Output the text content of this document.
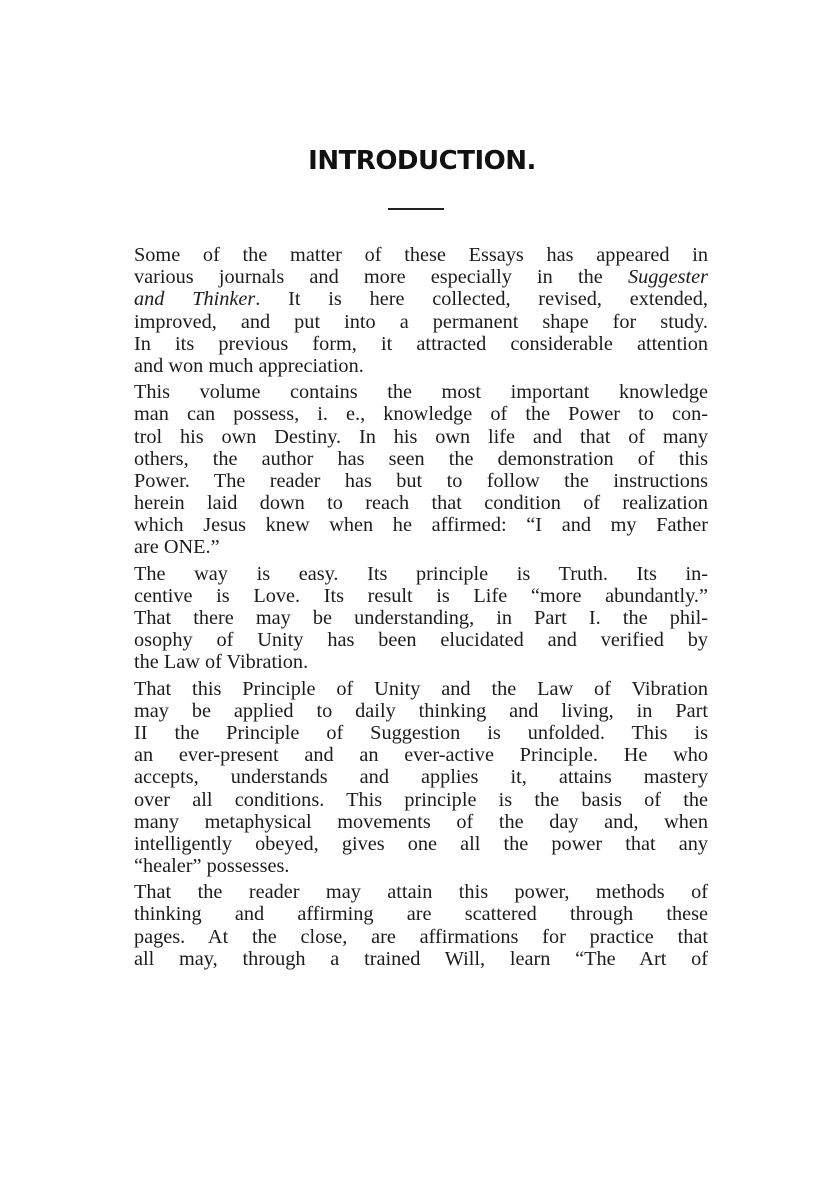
INTRODUCTION.
Some of the matter of these Essays has appeared in
various journals and more especially in the Suggester
and Thinker. It is here collected, revised, extended,
improved, and put into a permanent shape for study.
In its previous form, it attracted considerable attention
and won much appreciation.
This volume contains the most important knowledge
man can possess, i. e., knowledge of the Power to con-
trol his own Destiny. In his own life and that of many
others, the author has seen the demonstration of this
Power. The reader has but to follow the instructions
herein laid down to reach that condition of realization
which Jesus knew when he affirmed: “I and my Father
are ONE.”
The way is easy. Its principle is Truth. Its in-
centive is Love. Its result is Life “more abundantly.”
That there may be understanding, in Part I. the phil-
osophy of Unity has been elucidated and verified by
the Law of Vibration.
That this Principle of Unity and the Law of Vibration
may be applied to daily thinking and living, in Part
II the Principle of Suggestion is unfolded. This is
an ever-present and an ever-active Principle. He who
accepts, understands and applies it, attains mastery
over all conditions. This principle is the basis of the
many metaphysical movements of the day and, when
intelligently obeyed, gives one all the power that any
“healer” possesses.
That the reader may attain this power, methods of
thinking and affirming are scattered through these
pages. At the close, are affirmations for practice that
all may, through a trained Will, learn “The Art of
